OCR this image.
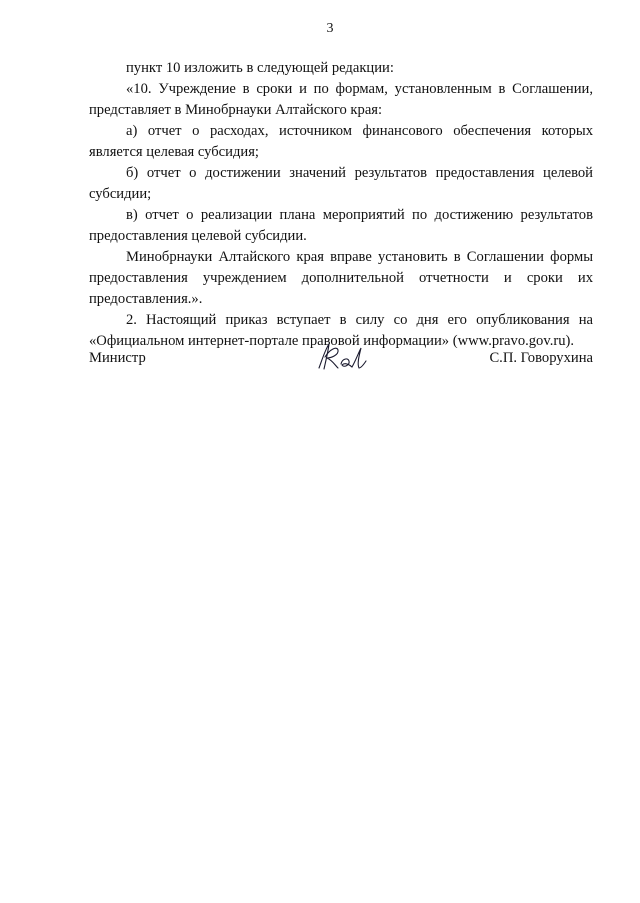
3

пункт 10 изложить в следующей редакции:

«10. Учреждение в сроки и по формам, установленным в Соглашении, представляет в Минобрнауки Алтайского края:

а) отчет о расходах, источником финансового обеспечения которых является целевая субсидия;

б) отчет о достижении значений результатов предоставления целевой субсидии;

в) отчет о реализации плана мероприятий по достижению результатов предоставления целевой субсидии.

Минобрнауки Алтайского края вправе установить в Соглашении формы предоставления учреждением дополнительной отчетности и сроки их предоставления.».

2. Настоящий приказ вступает в силу со дня его опубликования на «Официальном интернет-портале правовой информации» (www.pravo.gov.ru).

Министр	С.П. Говорухина
